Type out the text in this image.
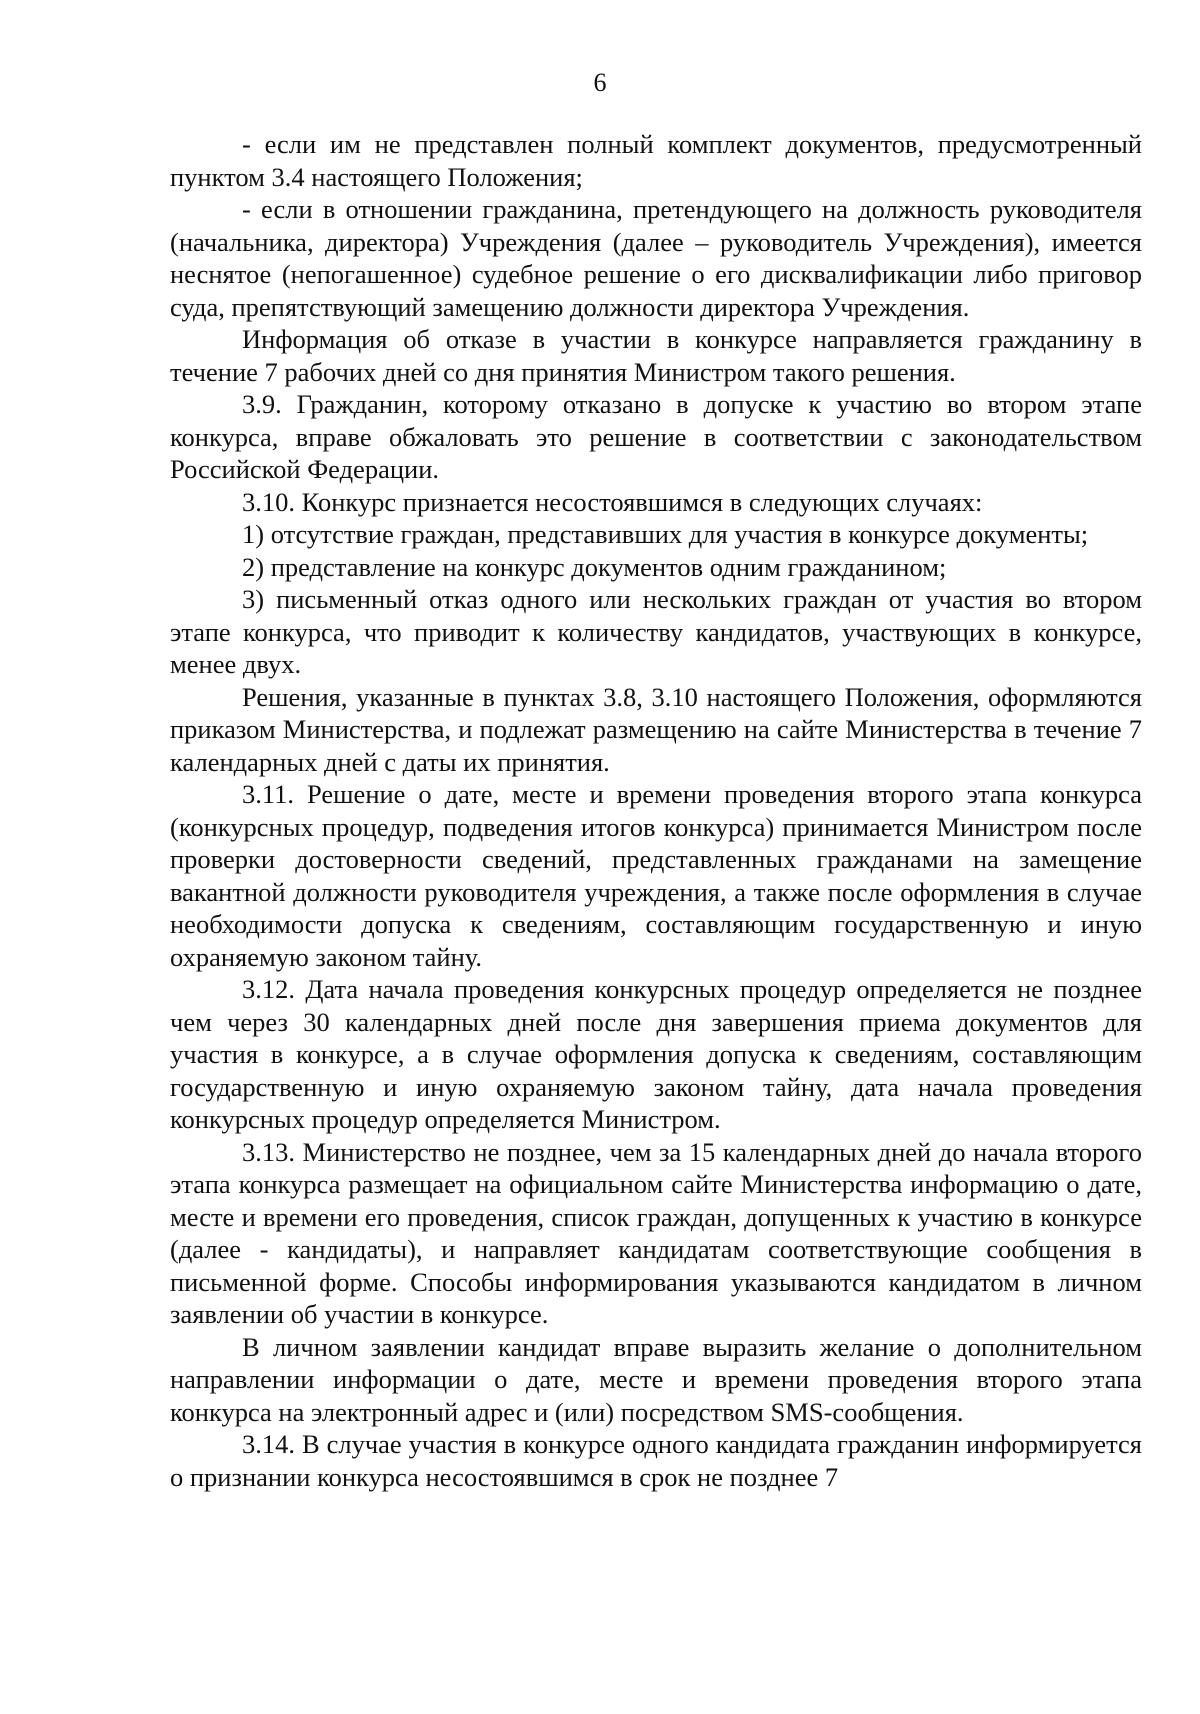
6

- если им не представлен полный комплект документов, предусмотренный пунктом 3.4 настоящего Положения;

- если в отношении гражданина, претендующего на должность руководителя (начальника, директора) Учреждения (далее – руководитель Учреждения), имеется неснятое (непогашенное) судебное решение о его дисквалификации либо приговор суда, препятствующий замещению должности директора Учреждения.

Информация об отказе в участии в конкурсе направляется гражданину в течение 7 рабочих дней со дня принятия Министром такого решения.

3.9. Гражданин, которому отказано в допуске к участию во втором этапе конкурса, вправе обжаловать это решение в соответствии с законодательством Российской Федерации.

3.10. Конкурс признается несостоявшимся в следующих случаях:

1) отсутствие граждан, представивших для участия в конкурсе документы;

2) представление на конкурс документов одним гражданином;

3) письменный отказ одного или нескольких граждан от участия во втором этапе конкурса, что приводит к количеству кандидатов, участвующих в конкурсе, менее двух.

Решения, указанные в пунктах 3.8, 3.10 настоящего Положения, оформляются приказом Министерства, и подлежат размещению на сайте Министерства в течение 7 календарных дней с даты их принятия.

3.11. Решение о дате, месте и времени проведения второго этапа конкурса (конкурсных процедур, подведения итогов конкурса) принимается Министром после проверки достоверности сведений, представленных гражданами на замещение вакантной должности руководителя учреждения, а также после оформления в случае необходимости допуска к сведениям, составляющим государственную и иную охраняемую законом тайну.

3.12. Дата начала проведения конкурсных процедур определяется не позднее чем через 30 календарных дней после дня завершения приема документов для участия в конкурсе, а в случае оформления допуска к сведениям, составляющим государственную и иную охраняемую законом тайну, дата начала проведения конкурсных процедур определяется Министром.

3.13. Министерство не позднее, чем за 15 календарных дней до начала второго этапа конкурса размещает на официальном сайте Министерства информацию о дате, месте и времени его проведения, список граждан, допущенных к участию в конкурсе (далее - кандидаты), и направляет кандидатам соответствующие сообщения в письменной форме. Способы информирования указываются кандидатом в личном заявлении об участии в конкурсе.

В личном заявлении кандидат вправе выразить желание о дополнительном направлении информации о дате, месте и времени проведения второго этапа конкурса на электронный адрес и (или) посредством SMS-сообщения.

3.14. В случае участия в конкурсе одного кандидата гражданин информируется о признании конкурса несостоявшимся в срок не позднее 7
